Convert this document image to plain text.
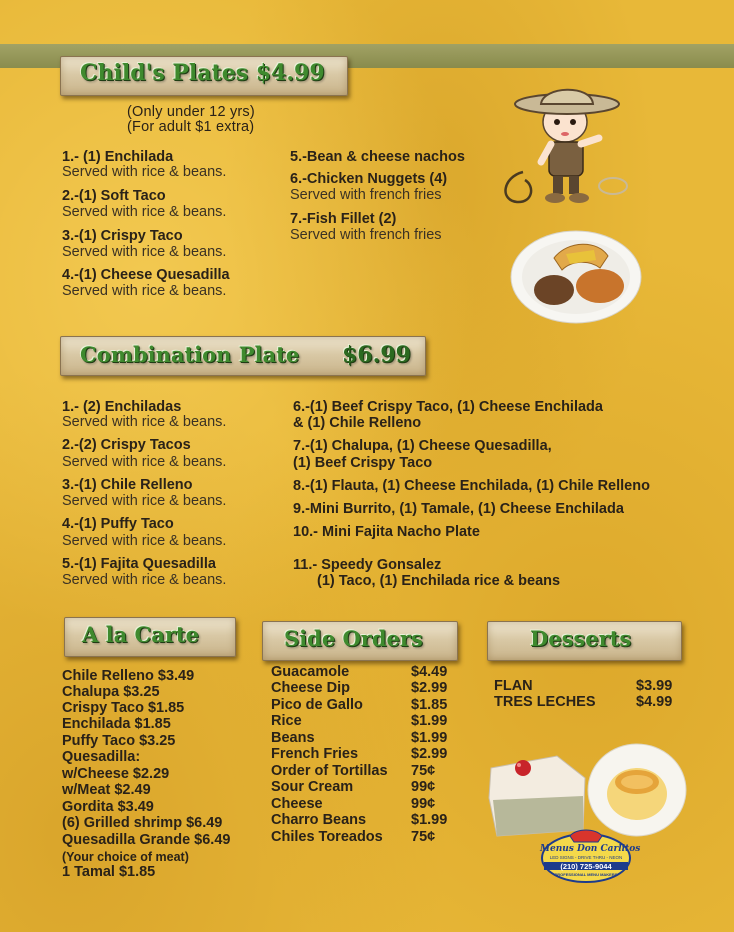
Child's Plates $4.99
(Only under 12 yrs)
(For adult $1 extra)
1.- (1) Enchilada
Served with rice & beans.
2.-(1) Soft Taco
Served with rice & beans.
3.-(1) Crispy Taco
Served with rice & beans.
4.-(1) Cheese Quesadilla
Served with rice & beans.
5.-Bean & cheese nachos
6.-Chicken Nuggets (4)
Served with french fries
7.-Fish Fillet (2)
Served with french fries
Combination Plate $6.99
1.- (2) Enchiladas
Served with rice & beans.
2.-(2) Crispy Tacos
Served with rice & beans.
3.-(1) Chile Relleno
Served with rice & beans.
4.-(1) Puffy Taco
Served with rice & beans.
5.-(1) Fajita Quesadilla
Served with rice & beans.
6.-(1) Beef Crispy Taco, (1) Cheese Enchilada
& (1) Chile Relleno
7.-(1) Chalupa, (1) Cheese Quesadilla,
(1) Beef Crispy Taco
8.-(1) Flauta, (1) Cheese Enchilada, (1) Chile Relleno
9.-Mini Burrito, (1) Tamale, (1) Cheese Enchilada
10.- Mini Fajita Nacho Plate
11.- Speedy Gonsalez
(1) Taco, (1) Enchilada rice & beans
A la Carte
Chile Relleno $3.49
Chalupa $3.25
Crispy Taco $1.85
Enchilada $1.85
Puffy Taco $3.25
Quesadilla:
w/Cheese $2.29
w/Meat $2.49
Gordita $3.49
(6) Grilled shrimp $6.49
Quesadilla Grande $6.49
(Your choice of meat)
1 Tamal $1.85
Side Orders
Guacamole	$4.49
Cheese Dip	$2.99
Pico de Gallo	$1.85
Rice	$1.99
Beans	$1.99
French Fries	$2.99
Order of Tortillas 75¢
Sour Cream	99¢
Cheese	99¢
Charro Beans	$1.99
Chiles Toreados 75¢
Desserts
FLAN	$3.99
TRES LECHES	$4.99
Menus Don Carlitos
LED SIGNS - DRIVE THRU - NEON
(210) 725-9044
PROFESSIONAL MENU MAKERS
